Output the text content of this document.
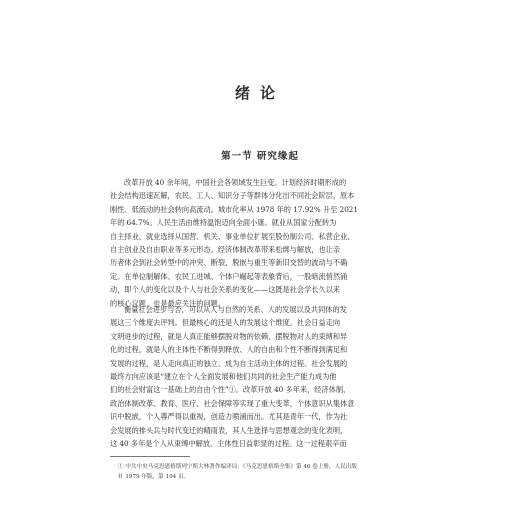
绪论
第一节 研究缘起
改革开放 40 余年间，中国社会各领域发生巨变。计划经济时期形成的
社会结构迅速瓦解，农民、工人、知识分子等群体分化出不同社会阶层，原本
刚性、低流动的社会转向高流动。城市化率从 1978 年的 17.92% 升至 2021
年的 64.7%。人民生活由维持温饱迈向全面小康。就业从国家分配转为
自主择业，就业选择从国营、机关、事业单位扩展至股份制公司、私营企业、
自主创业及自由职业等多元形态。经济体制改革带来松绑与解放，也让亲
历者体会到社会转型中的冲突、断裂、脱嵌与重生等新旧交替的波动与不确
定。在单位制解体、农民工进城、个体户崛起等表象背后，一股暗流悄然涌
动，即个人的变化以及个人与社会关系的变化——这既是社会学长久以来
的核心议题，也是最应关注的问题。
衡量社会进步与否，可以从人与自然的关系、人的发展以及共同体的发
展这三个维度去评判。但最核心的还是人的发展这个维度。社会日益走向
文明进步的过程，就是人真正能够摆脱对物的依赖、摆脱物对人的束缚和异
化的过程，就是人的主体性不断得到释放、人的自由和个性不断得到满足和
发展的过程，是人走向真正的独立、成为自主活动主体的过程。社会发展的
最终方向应该是“建立在个人全面发展和他们共同的社会生产能力成为他
们的社会财富这一基础上的自由个性”①。改革开放 40 多年来，经济体制、
政治体制改革、教育、医疗、社会保障等实现了重大变革，个体意识从集体意
识中脱嵌，个人尊严得以重视，创造力喷涌而出。尤其是青年一代，作为社
会发展的排头兵与时代变迁的晴雨表，其人生选择与思想观念的变化表明，
这 40 多年是个人从束缚中解放、主体性日益彰显的过程。这一过程艰辛而
① 中共中央马克思恩格斯列宁斯大林著作编译局：《马克思恩格斯全集》第 46 卷上册，人民出版
社 1979 年版，第 104 页。
